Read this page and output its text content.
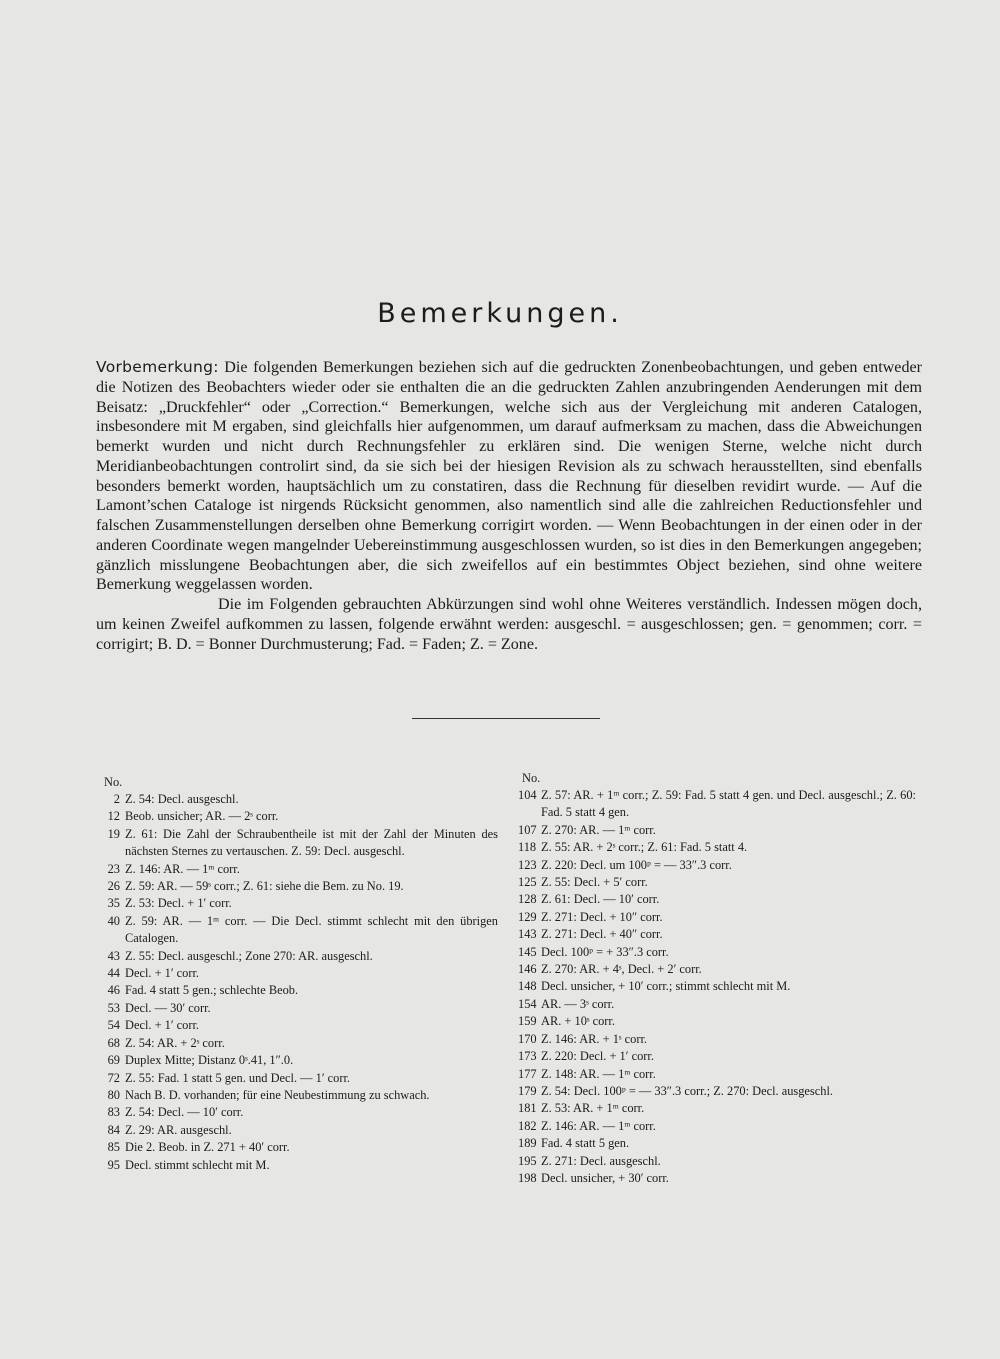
Bemerkungen.

Vorbemerkung: Die folgenden Bemerkungen beziehen sich auf die gedruckten Zonenbeobachtungen, und geben entweder die Notizen des Beobachters wieder oder sie enthalten die an die gedruckten Zahlen anzubringenden Aenderungen mit dem Beisatz: „Druckfehler“ oder „Correction.“ Bemerkungen, welche sich aus der Vergleichung mit anderen Catalogen, insbesondere mit M ergaben, sind gleichfalls hier aufgenommen, um darauf aufmerksam zu machen, dass die Abweichungen bemerkt wurden und nicht durch Rechnungsfehler zu erklären sind. Die wenigen Sterne, welche nicht durch Meridianbeobachtungen controlirt sind, da sie sich bei der hiesigen Revision als zu schwach herausstellten, sind ebenfalls besonders bemerkt worden, hauptsächlich um zu constatiren, dass die Rechnung für dieselben revidirt wurde. — Auf die Lamont’schen Cataloge ist nirgends Rücksicht genommen, also namentlich sind alle die zahlreichen Reductionsfehler und falschen Zusammenstellungen derselben ohne Bemerkung corrigirt worden. — Wenn Beobachtungen in der einen oder in der anderen Coordinate wegen mangelnder Uebereinstimmung ausgeschlossen wurden, so ist dies in den Bemerkungen angegeben; gänzlich misslungene Beobachtungen aber, die sich zweifellos auf ein bestimmtes Object beziehen, sind ohne weitere Bemerkung weggelassen worden.

Die im Folgenden gebrauchten Abkürzungen sind wohl ohne Weiteres verständlich. Indessen mögen doch, um keinen Zweifel aufkommen zu lassen, folgende erwähnt werden: ausgeschl. = ausgeschlossen; gen. = genommen; corr. = corrigirt; B. D. = Bonner Durchmusterung; Fad. = Faden; Z. = Zone.

No.
2 Z. 54: Decl. ausgeschl.
12 Beob. unsicher; AR. — 2ˢ corr.
19 Z. 61: Die Zahl der Schraubentheile ist mit der Zahl der Minuten des nächsten Sternes zu vertauschen. Z. 59: Decl. ausgeschl.
23 Z. 146: AR. — 1ᵐ corr.
26 Z. 59: AR. — 59ˢ corr.; Z. 61: siehe die Bem. zu No. 19.
35 Z. 53: Decl. + 1′ corr.
40 Z. 59: AR. — 1ᵐ corr. — Die Decl. stimmt schlecht mit den übrigen Catalogen.
43 Z. 55: Decl. ausgeschl.; Zone 270: AR. ausgeschl.
44 Decl. + 1′ corr.
46 Fad. 4 statt 5 gen.; schlechte Beob.
53 Decl. — 30′ corr.
54 Decl. + 1′ corr.
68 Z. 54: AR. + 2ˢ corr.
69 Duplex Mitte; Distanz 0ˢ.41, 1″.0.
72 Z. 55: Fad. 1 statt 5 gen. und Decl. — 1′ corr.
80 Nach B. D. vorhanden; für eine Neubestimmung zu schwach.
83 Z. 54: Decl. — 10′ corr.
84 Z. 29: AR. ausgeschl.
85 Die 2. Beob. in Z. 271 + 40′ corr.
95 Decl. stimmt schlecht mit M.
No.
104 Z. 57: AR. + 1ᵐ corr.; Z. 59: Fad. 5 statt 4 gen. und Decl. ausgeschl.; Z. 60: Fad. 5 statt 4 gen.
107 Z. 270: AR. — 1ᵐ corr.
118 Z. 55: AR. + 2ˢ corr.; Z. 61: Fad. 5 statt 4.
123 Z. 220: Decl. um 100ᵖ = — 33″.3 corr.
125 Z. 55: Decl. + 5′ corr.
128 Z. 61: Decl. — 10′ corr.
129 Z. 271: Decl. + 10″ corr.
143 Z. 271: Decl. + 40″ corr.
145 Decl. 100ᵖ = + 33″.3 corr.
146 Z. 270: AR. + 4ˢ, Decl. + 2′ corr.
148 Decl. unsicher, + 10′ corr.; stimmt schlecht mit M.
154 AR. — 3ˢ corr.
159 AR. + 10ˢ corr.
170 Z. 146: AR. + 1ˢ corr.
173 Z. 220: Decl. + 1′ corr.
177 Z. 148: AR. — 1ᵐ corr.
179 Z. 54: Decl. 100ᵖ = — 33″.3 corr.; Z. 270: Decl. ausgeschl.
181 Z. 53: AR. + 1ᵐ corr.
182 Z. 146: AR. — 1ᵐ corr.
189 Fad. 4 statt 5 gen.
195 Z. 271: Decl. ausgeschl.
198 Decl. unsicher, + 30′ corr.
